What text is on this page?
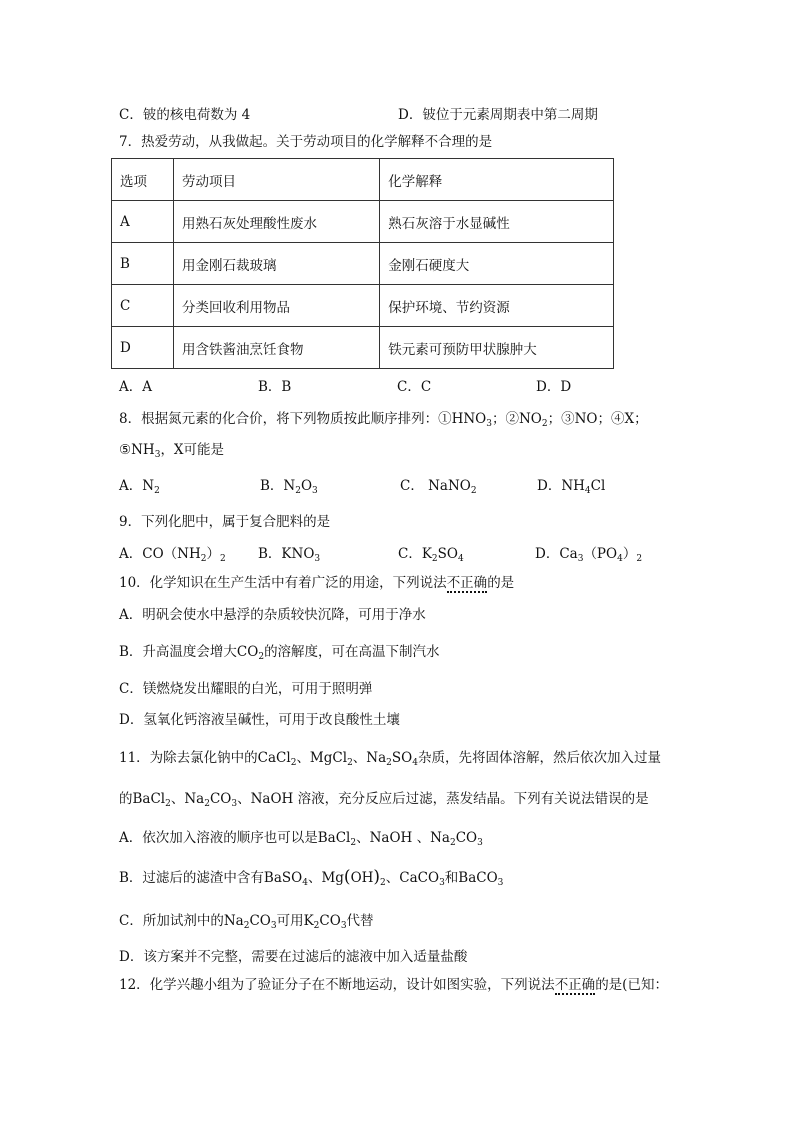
C．铍的核电荷数为 4	D．铍位于元素周期表中第二周期
7．热爱劳动，从我做起。关于劳动项目的化学解释不合理的是
选项	劳动项目	化学解释
A	用熟石灰处理酸性废水	熟石灰溶于水显碱性
B	用金刚石裁玻璃	金刚石硬度大
C	分类回收利用物品	保护环境、节约资源
D	用含铁酱油烹饪食物	铁元素可预防甲状腺肿大
A．A	B．B	C．C	D．D
8．根据氮元素的化合价，将下列物质按此顺序排列：$①HNO_3$；$②NO_2$；③NO；④X；
$⑤NH_3$，X可能是
A．$N_2$	B．$N_2O_3$	C． NaNO$_2$	D．$NH_4Cl$
9．下列化肥中，属于复合肥料的是
A．$CO(NH_2)_2$ B．$KNO_3$	C．$K_2SO_4$	D．$Ca_3(PO_4)_2$
10．化学知识在生产生活中有着广泛的用途，下列说法不正确的是
A．明矾会使水中悬浮的杂质较快沉降，可用于净水
B．升高温度会增大$CO_2$的溶解度，可在高温下制汽水
C．镁燃烧发出耀眼的白光，可用于照明弹
D．氢氧化钙溶液呈碱性，可用于改良酸性土壤
11．为除去氯化钠中的CaCl$_2$、MgCl$_2$、$Na_2SO_4$杂质，先将固体溶解，然后依次加入过量
的BaCl$_2$、$Na_2CO_3$、NaOH 溶液，充分反应后过滤，蒸发结晶。下列有关说法错误的是
A．依次加入溶液的顺序也可以是BaCl$_2$、NaOH 、$Na_2CO_3$
B．过滤后的滤渣中含有BaSO$_4$、$Mg(OH)_2$、CaCO$_3$和BaCO$_3$
C．所加试剂中的$Na_2CO_3$可用$K_2CO_3$代替
D．该方案并不完整，需要在过滤后的滤液中加入适量盐酸
12．化学兴趣小组为了验证分子在不断地运动，设计如图实验，下列说法不正确的是(已知：
